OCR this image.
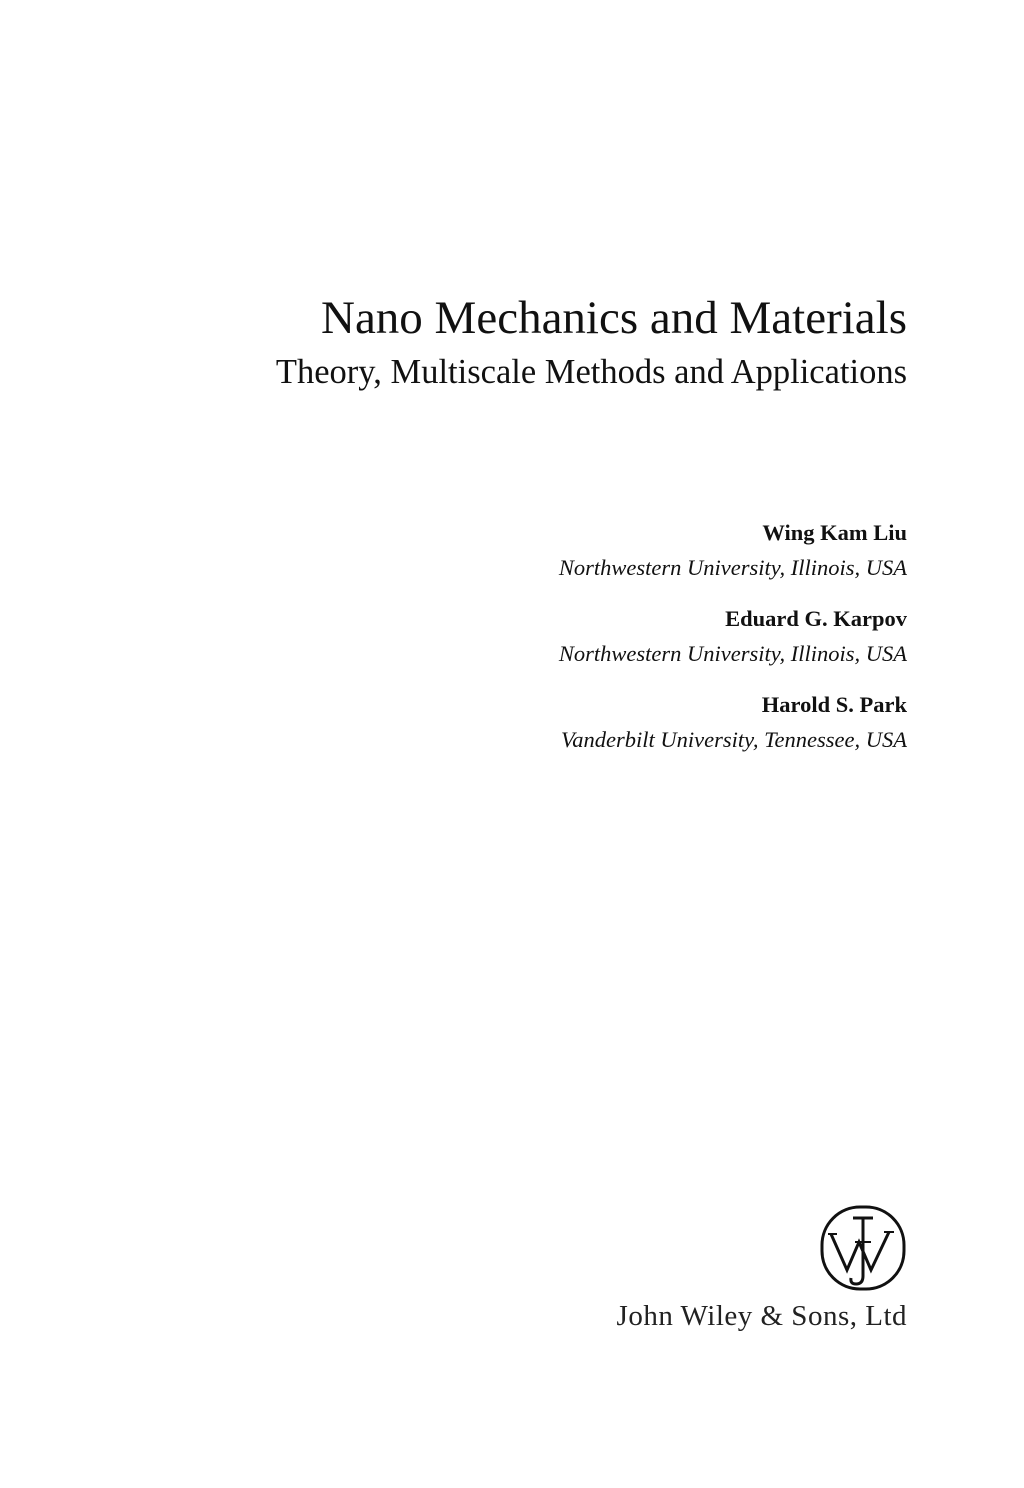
Nano Mechanics and Materials
Theory, Multiscale Methods and Applications
Wing Kam Liu
Northwestern University, Illinois, USA
Eduard G. Karpov
Northwestern University, Illinois, USA
Harold S. Park
Vanderbilt University, Tennessee, USA
John Wiley & Sons, Ltd
